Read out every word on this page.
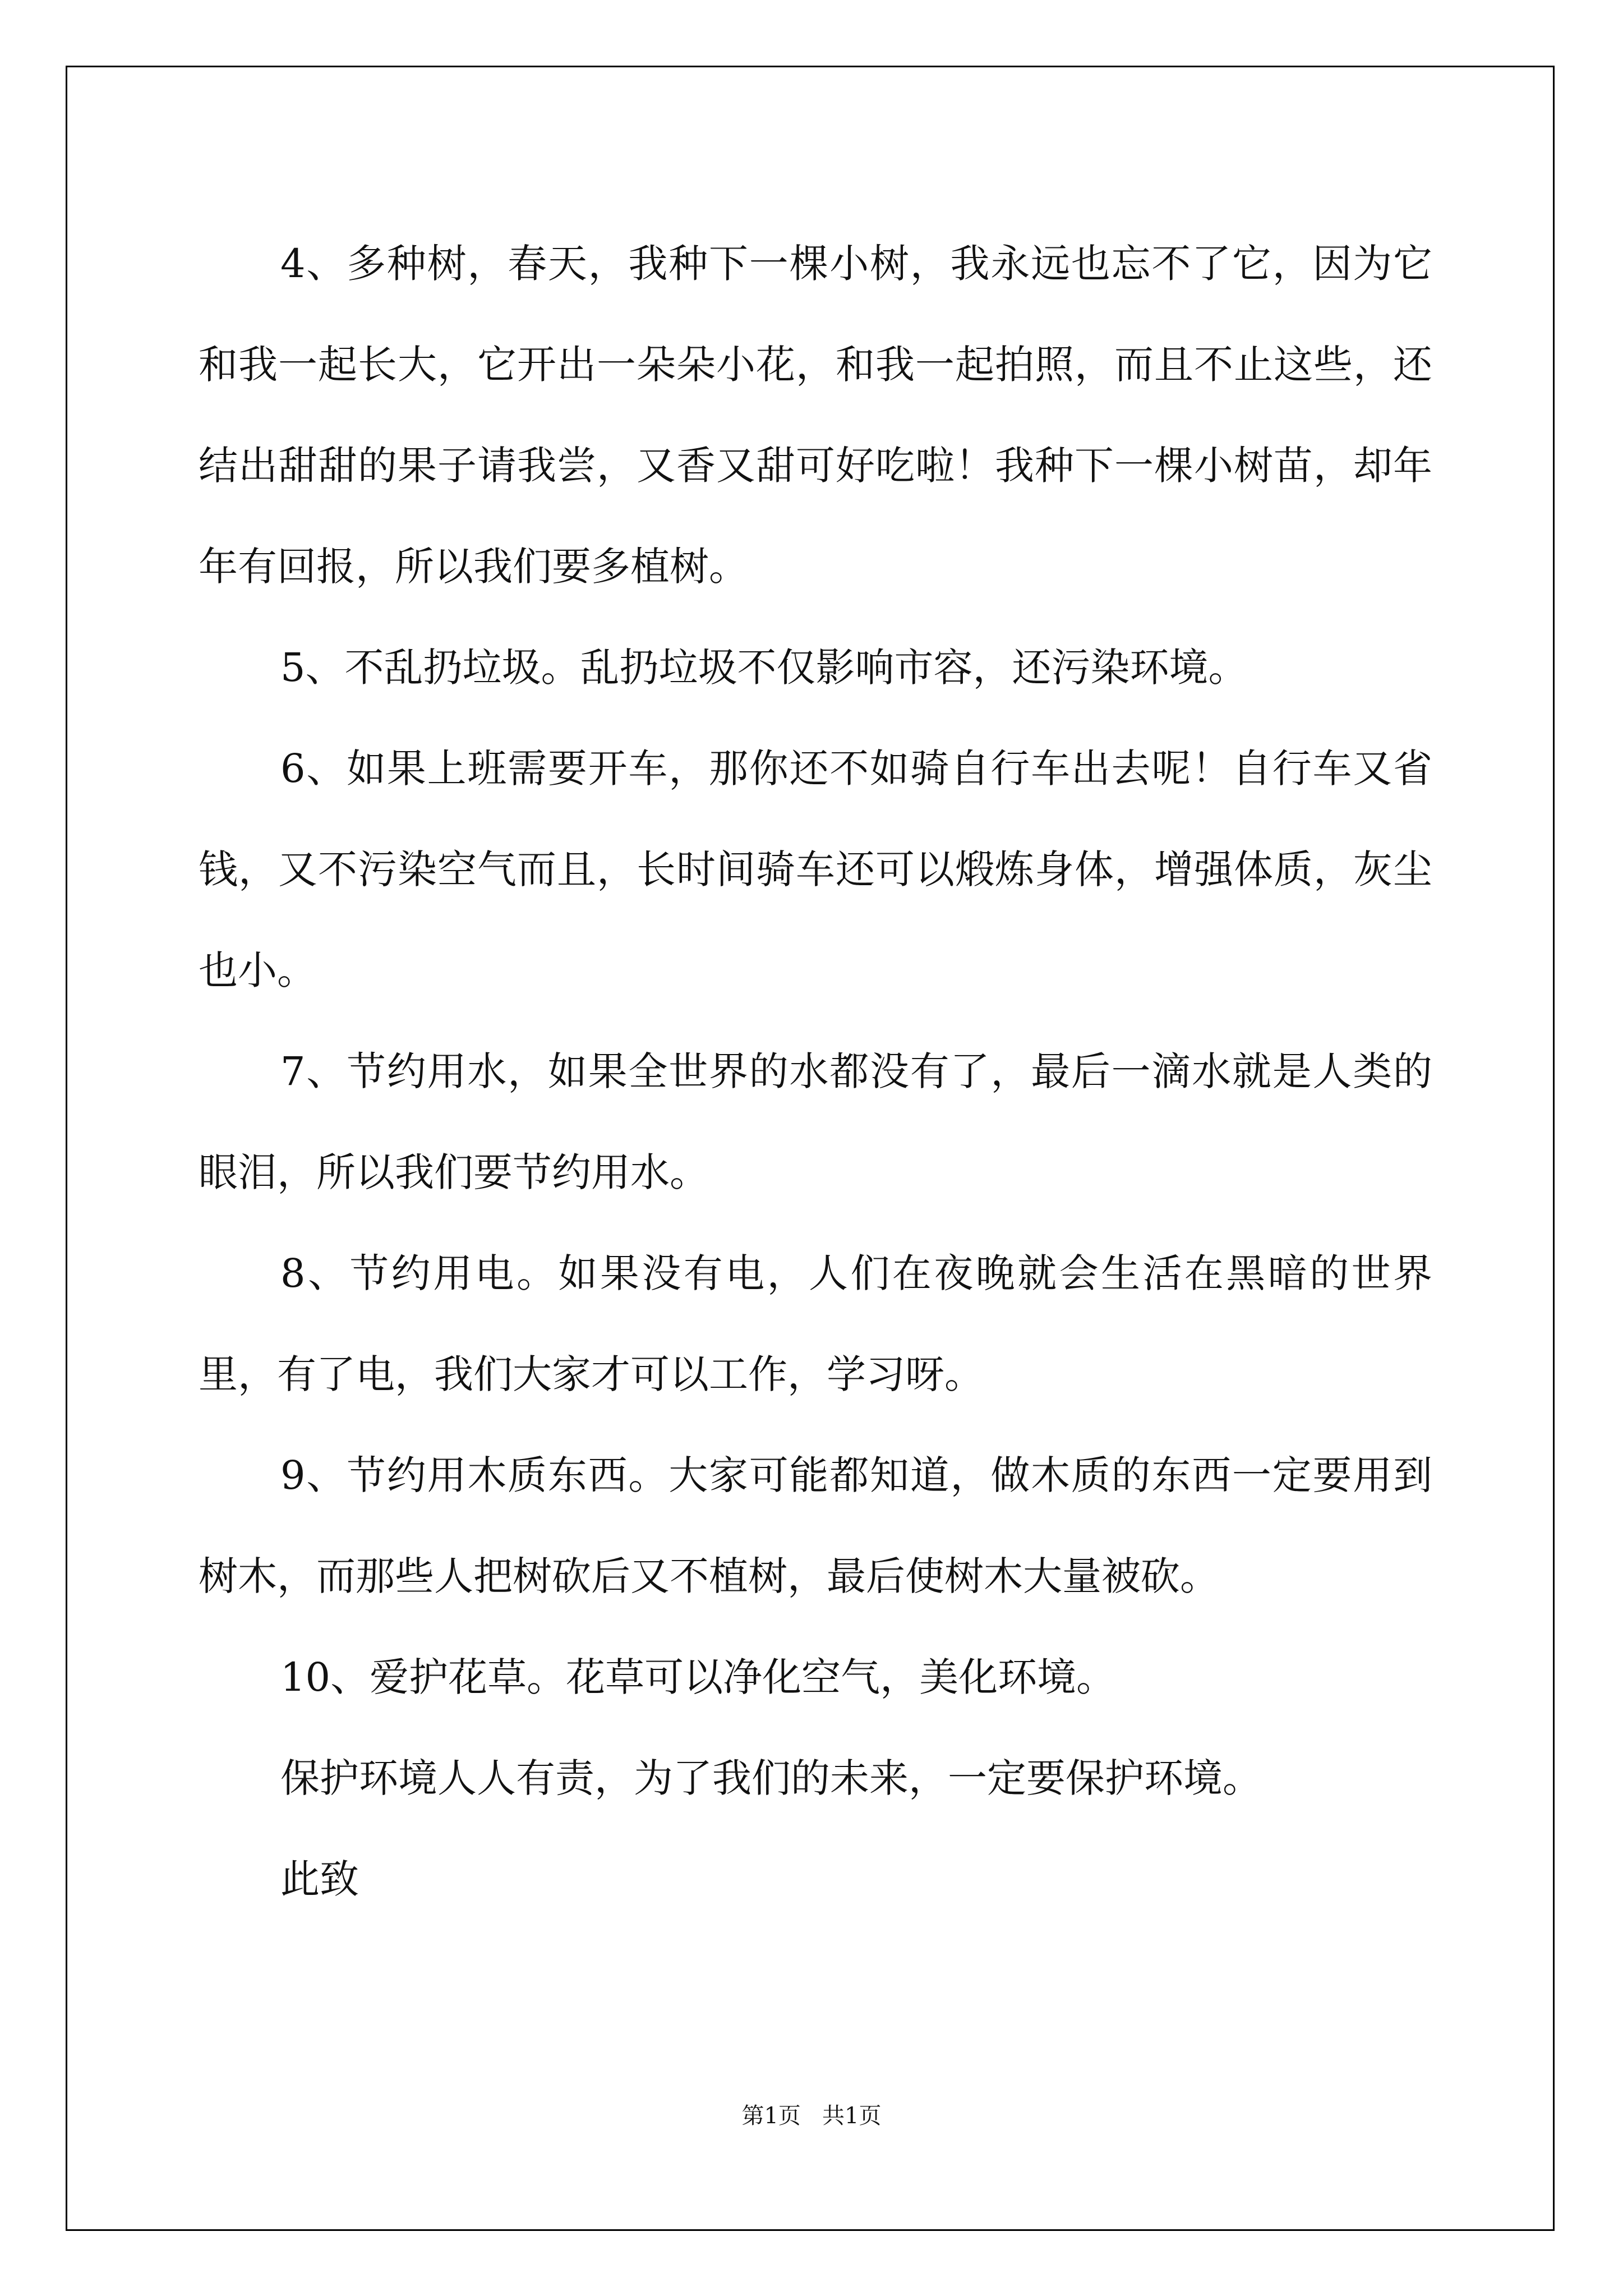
4、多种树，春天，我种下一棵小树，我永远也忘不了它，因为它和我一起长大，它开出一朵朵小花，和我一起拍照，而且不止这些，还结出甜甜的果子请我尝，又香又甜可好吃啦！我种下一棵小树苗，却年年有回报，所以我们要多植树。

5、不乱扔垃圾。乱扔垃圾不仅影响市容，还污染环境。

6、如果上班需要开车，那你还不如骑自行车出去呢！自行车又省钱，又不污染空气而且，长时间骑车还可以煅炼身体，增强体质，灰尘也小。

7、节约用水，如果全世界的水都没有了，最后一滴水就是人类的眼泪，所以我们要节约用水。

8、节约用电。如果没有电，人们在夜晚就会生活在黑暗的世界里，有了电，我们大家才可以工作，学习呀。

9、节约用木质东西。大家可能都知道，做木质的东西一定要用到树木，而那些人把树砍后又不植树，最后使树木大量被砍。

10、爱护花草。花草可以净化空气，美化环境。

保护环境人人有责，为了我们的未来，一定要保护环境。

此致

第1页   共1页
